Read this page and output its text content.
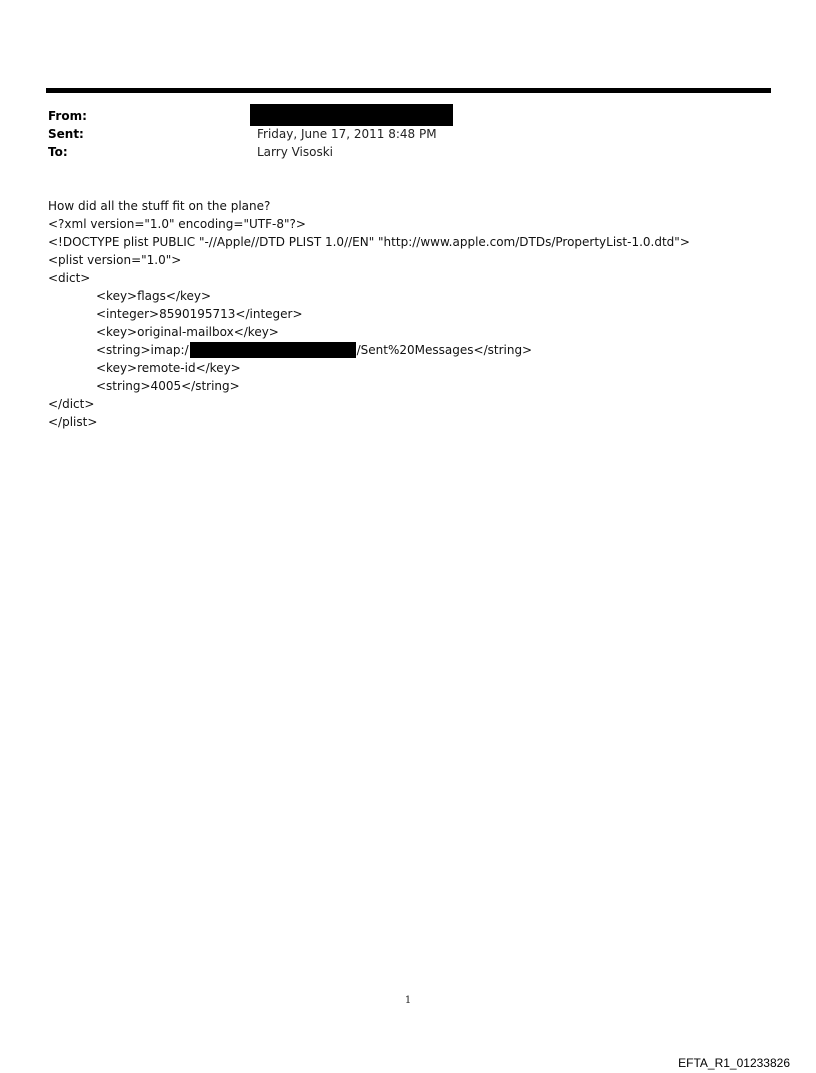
From:
Sent:	Friday, June 17, 2011 8:48 PM
To:	Larry Visoski
How did all the stuff fit on the plane?
<?xml version="1.0" encoding="UTF-8"?>
<!DOCTYPE plist PUBLIC "-//Apple//DTD PLIST 1.0//EN" "http://www.apple.com/DTDs/PropertyList-1.0.dtd">
<plist version="1.0">
<dict>
<key>flags</key>
<integer>8590195713</integer>
<key>original-mailbox</key>
<string>imap:/	/Sent%20Messages</string>
<key>remote-id</key>
<string>4005</string>
</dict>
</plist>
1
EFTA_R1_01233826
